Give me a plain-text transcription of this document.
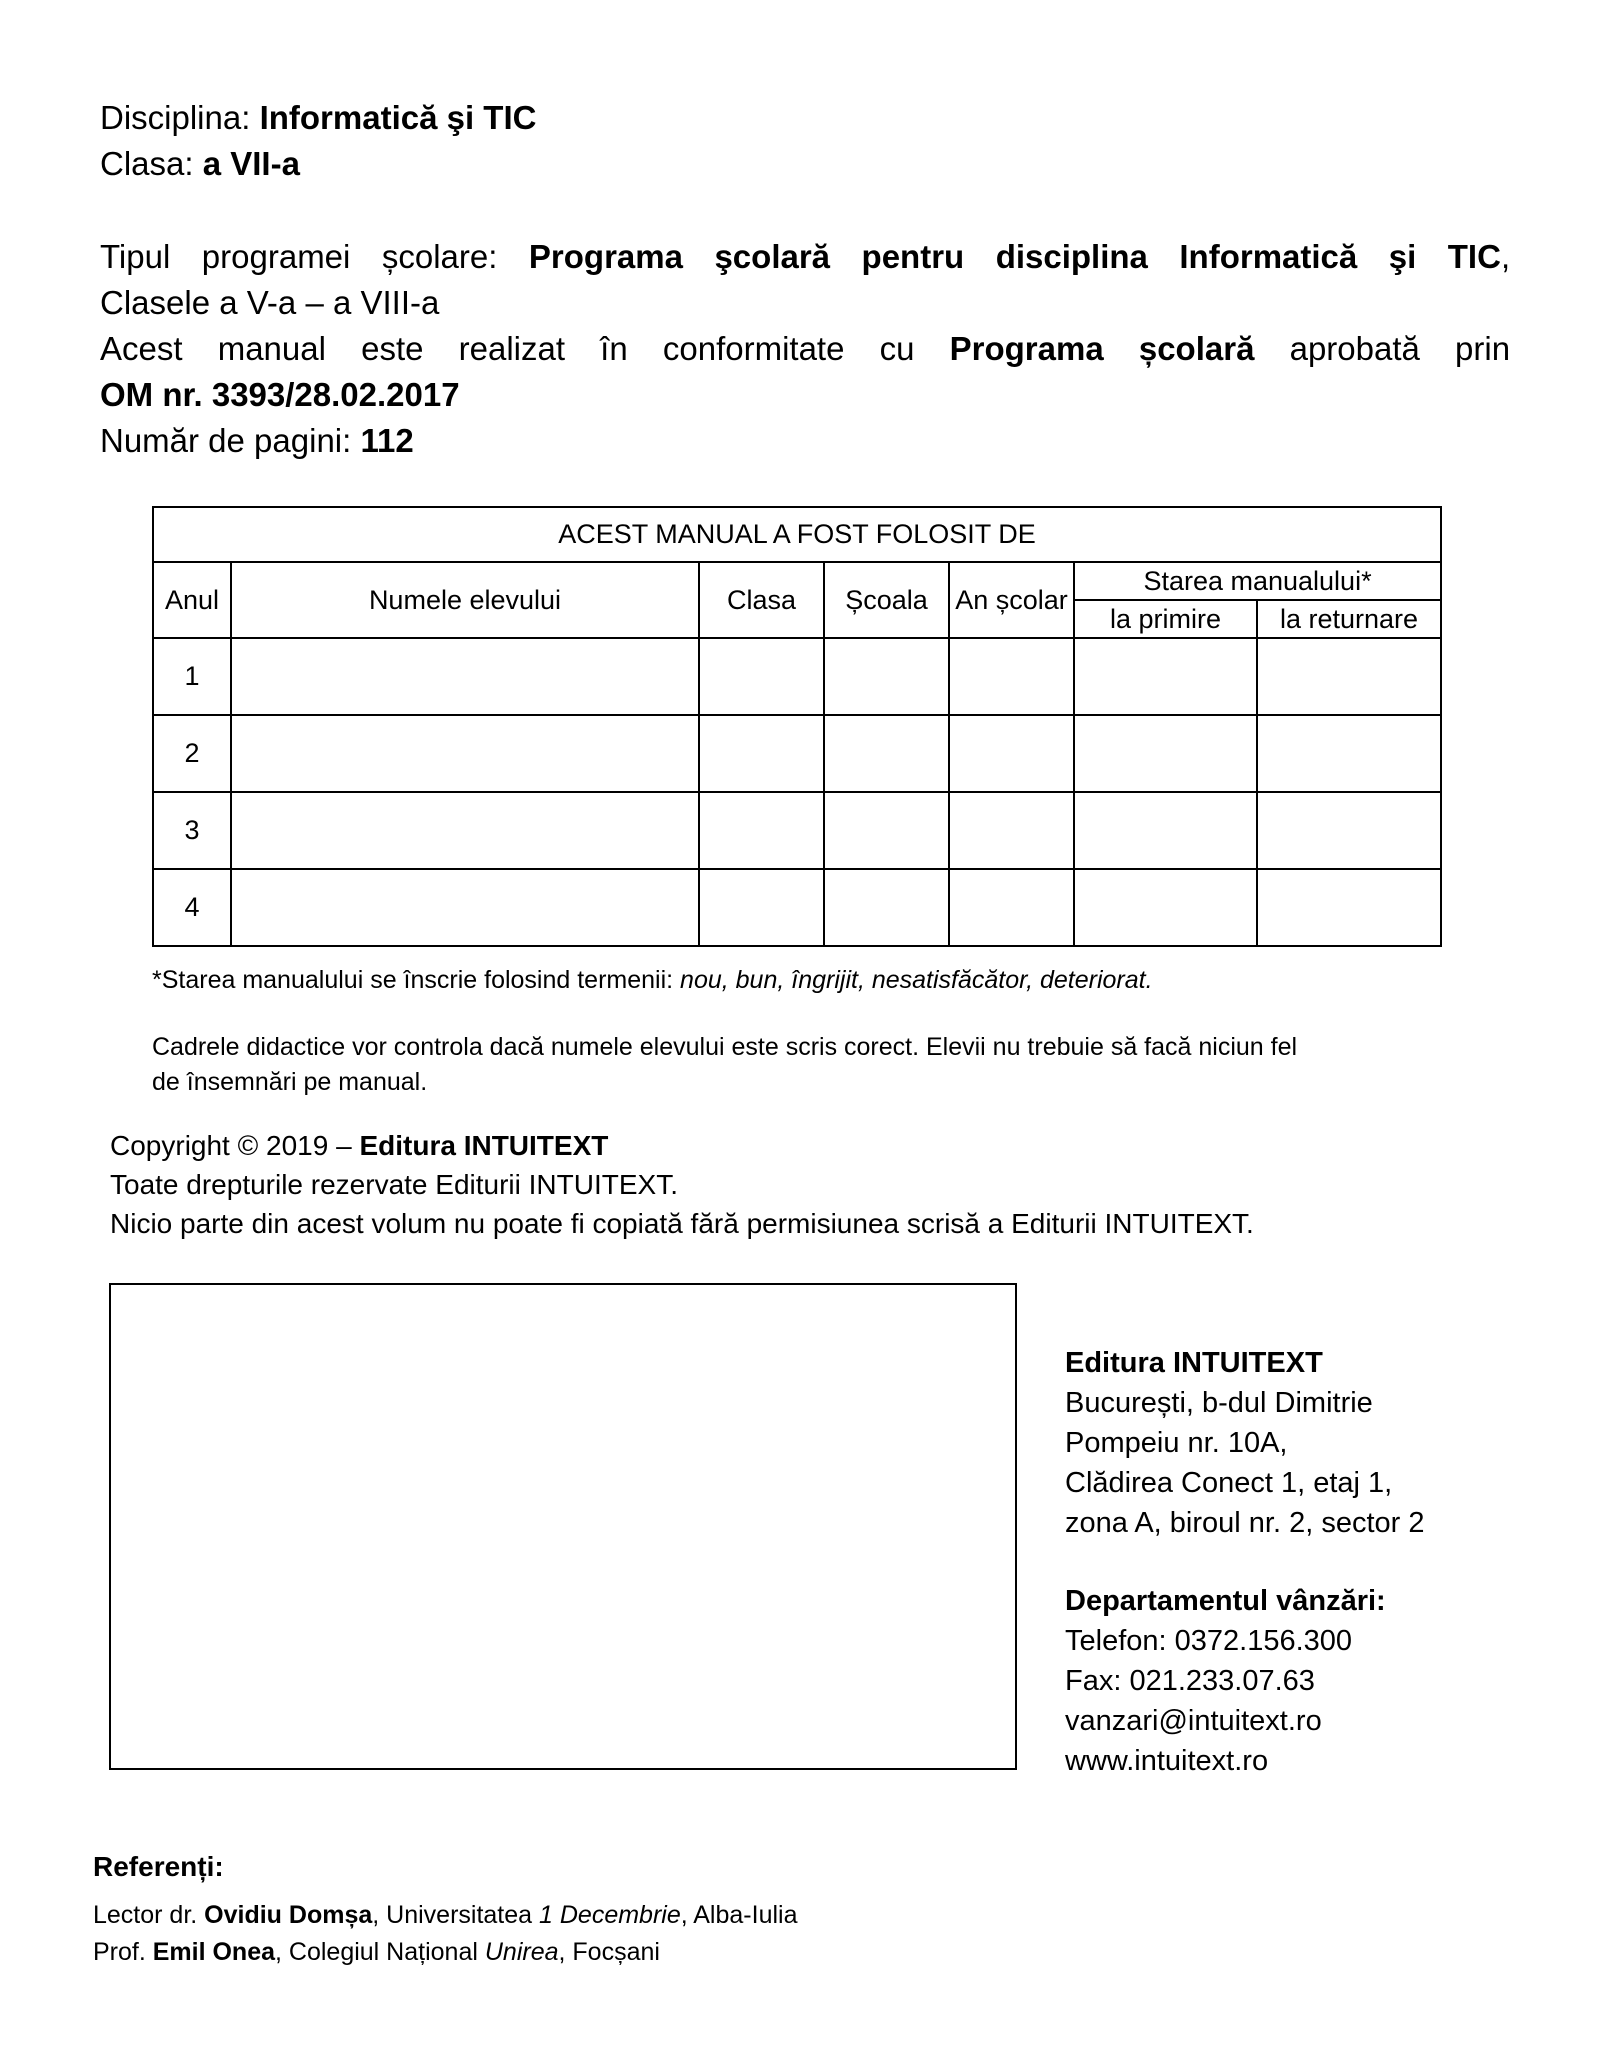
Disciplina: Informatică şi TIC
Clasa: a VII-a
Tipul programei școlare: Programa şcolară pentru disciplina Informatică şi TIC,
Clasele a V-a – a VIII-a
Acest manual este realizat în conformitate cu Programa școlară aprobată prin
OM nr. 3393/28.02.2017
Număr de pagini: 112
ACEST MANUAL A FOST FOLOSIT DE						
Anul	Numele elevului	Clasa	Școala	An școlar	Starea manualului*	
					la primire	la returnare
1						
2						
3						
4						
*Starea manualului se înscrie folosind termenii: nou, bun, îngrijit, nesatisfăcător, deteriorat.
Cadrele didactice vor controla dacă numele elevului este scris corect. Elevii nu trebuie să facă niciun fel
de însemnări pe manual.
Copyright © 2019 – Editura INTUITEXT
Toate drepturile rezervate Editurii INTUITEXT.
Nicio parte din acest volum nu poate fi copiată fără permisiunea scrisă a Editurii INTUITEXT.
Editura INTUITEXT
București, b-dul Dimitrie
Pompeiu nr. 10A,
Clădirea Conect 1, etaj 1,
zona A, biroul nr. 2, sector 2
Departamentul vânzări:
Telefon: 0372.156.300
Fax: 021.233.07.63
vanzari@intuitext.ro
www.intuitext.ro
Referenți:
Lector dr. Ovidiu Domșa, Universitatea 1 Decembrie, Alba-Iulia
Prof. Emil Onea, Colegiul Național Unirea, Focșani
